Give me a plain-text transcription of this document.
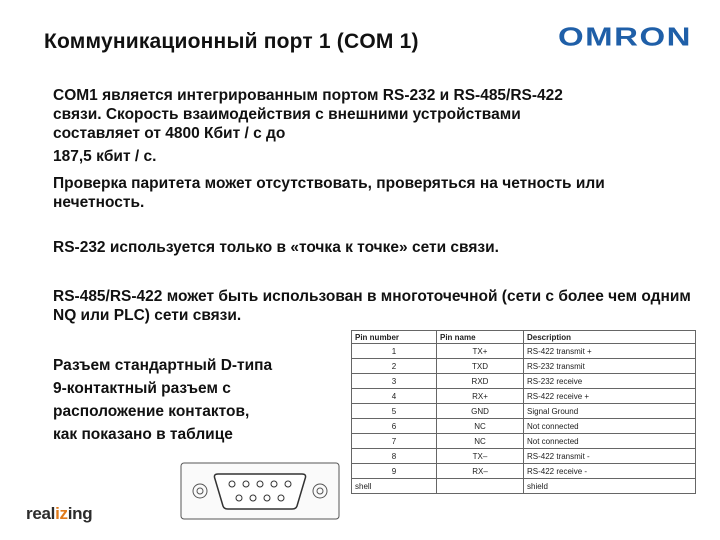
Коммуникационный порт 1 (COM 1)	OMRON
COM1 является интегрированным портом RS-232 и RS-485/RS-422
связи. Скорость взаимодействия с внешними устройствами
составляет от 4800 Кбит / с до
187,5 кбит / с.
Проверка паритета может отсутствовать, проверяться на четность или нечетность.
RS-232 используется только в «точка к точке» сети связи.
RS-485/RS-422 может быть использован в многоточечной (сети с более чем одним NQ или PLC) сети связи.
Разъем стандартный D-типа
9-контактный разъем с
расположение контактов,
как показано в таблице
Pin number	Pin name	Description
1	TX+	RS-422 transmit +
2	TXD	RS-232 transmit
3	RXD	RS-232 receive
4	RX+	RS-422 receive +
5	GND	Signal Ground
6	NC	Not connected
7	NC	Not connected
8	TX–	RS-422 transmit -
9	RX–	RS-422 receive -
shell		shield
realizing
